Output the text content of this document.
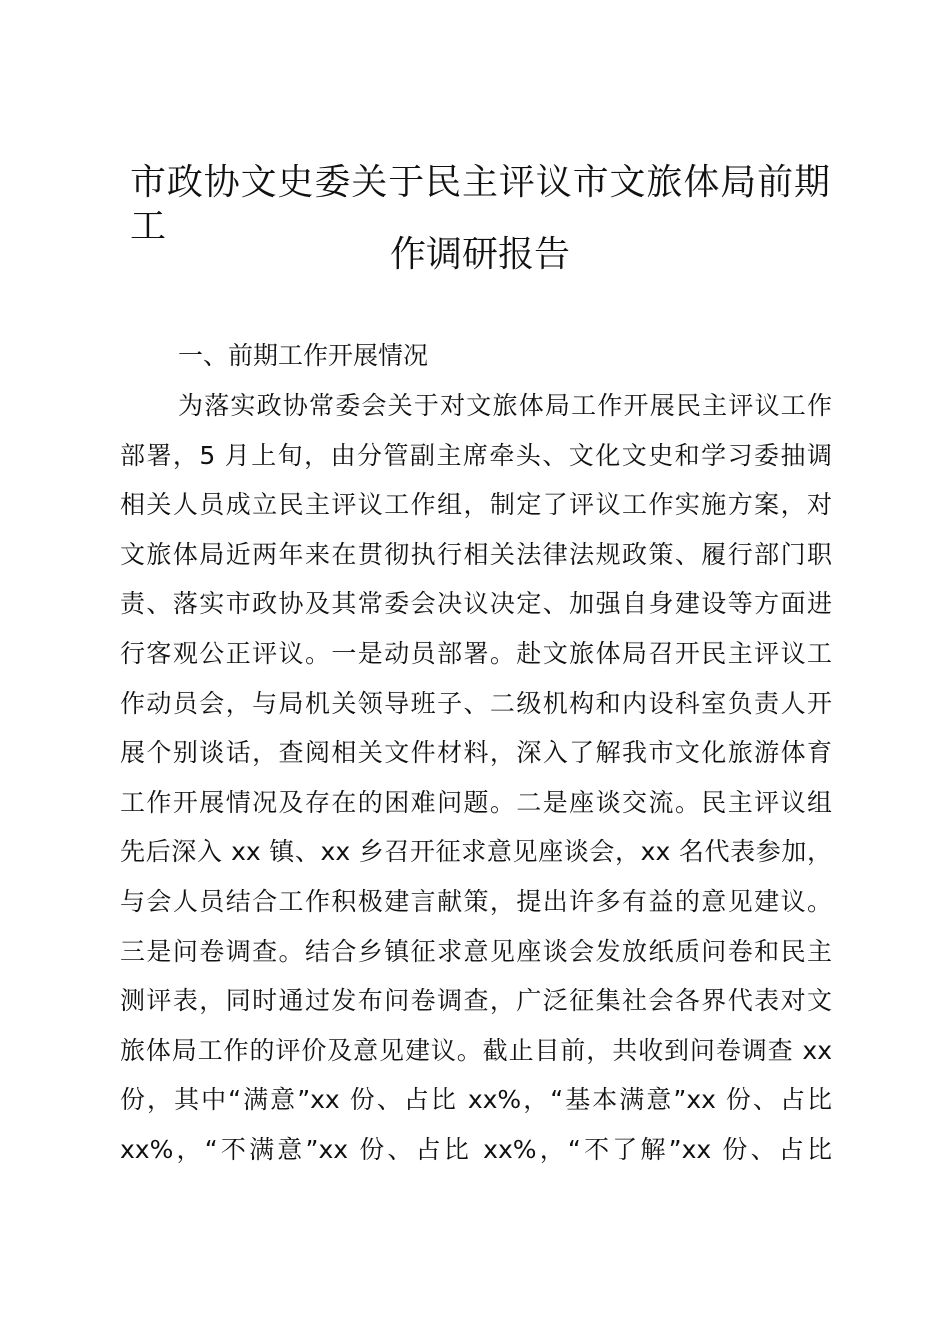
市政协文史委关于民主评议市文旅体局前期工
作调研报告
一、前期工作开展情况
为落实政协常委会关于对文旅体局工作开展民主评议工作
部署，5 月上旬，由分管副主席牵头、文化文史和学习委抽调
相关人员成立民主评议工作组，制定了评议工作实施方案，对
文旅体局近两年来在贯彻执行相关法律法规政策、履行部门职
责、落实市政协及其常委会决议决定、加强自身建设等方面进
行客观公正评议。一是动员部署。赴文旅体局召开民主评议工
作动员会，与局机关领导班子、二级机构和内设科室负责人开
展个别谈话，查阅相关文件材料，深入了解我市文化旅游体育
工作开展情况及存在的困难问题。二是座谈交流。民主评议组
先后深入 xx 镇、xx 乡召开征求意见座谈会，xx 名代表参加，
与会人员结合工作积极建言献策，提出许多有益的意见建议。
三是问卷调查。结合乡镇征求意见座谈会发放纸质问卷和民主
测评表，同时通过发布问卷调查，广泛征集社会各界代表对文
旅体局工作的评价及意见建议。截止目前，共收到问卷调查 xx
份，其中“满意”xx 份、占比 xx%，“基本满意”xx 份、占比
xx%，“不满意”xx 份、占比 xx%，“不了解”xx 份、占比
